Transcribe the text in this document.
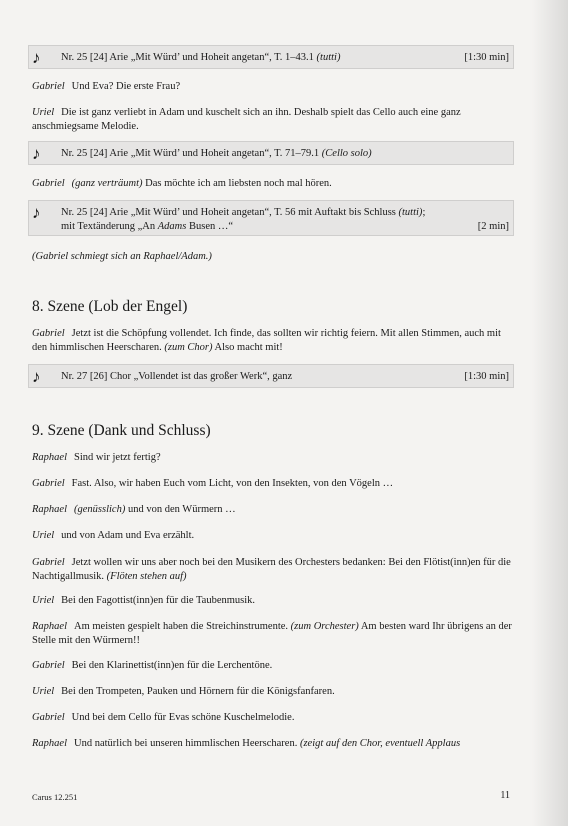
♪ Nr. 25 [24] Arie „Mit Würd’ und Hoheit angetan“, T. 1–43.1 (tutti)	[1:30 min]

Gabriel Und Eva? Die erste Frau?

Uriel Die ist ganz verliebt in Adam und kuschelt sich an ihn. Deshalb spielt das Cello auch eine ganz anschmiegsame Melodie.

♪ Nr. 25 [24] Arie „Mit Würd’ und Hoheit angetan“, T. 71–79.1 (Cello solo)

Gabriel (ganz verträumt) Das möchte ich am liebsten noch mal hören.

♪ Nr. 25 [24] Arie „Mit Würd’ und Hoheit angetan“, T. 56 mit Auftakt bis Schluss (tutti);
mit Textänderung „An Adams Busen …“	[2 min]

(Gabriel schmiegt sich an Raphael/Adam.)

8. Szene (Lob der Engel)

Gabriel Jetzt ist die Schöpfung vollendet. Ich finde, das sollten wir richtig feiern. Mit allen Stimmen, auch mit den himmlischen Heerscharen. (zum Chor) Also macht mit!

♪ Nr. 27 [26] Chor „Vollendet ist das großer Werk“, ganz	[1:30 min]
9. Szene (Dank und Schluss)

Raphael Sind wir jetzt fertig?

Gabriel Fast. Also, wir haben Euch vom Licht, von den Insekten, von den Vögeln …

Raphael (genüsslich) und von den Würmern …

Uriel und von Adam und Eva erzählt.

Gabriel Jetzt wollen wir uns aber noch bei den Musikern des Orchesters bedanken: Bei den Flötist(inn)en für die Nachtigallmusik. (Flöten stehen auf)

Uriel Bei den Fagottist(inn)en für die Taubenmusik.

Raphael Am meisten gespielt haben die Streichinstrumente. (zum Orchester) Am besten ward Ihr übrigens an der Stelle mit den Würmern!!

Gabriel Bei den Klarinettist(inn)en für die Lerchentöne.

Uriel Bei den Trompeten, Pauken und Hörnern für die Königsfanfaren.

Gabriel Und bei dem Cello für Evas schöne Kuschelmelodie.

Raphael Und natürlich bei unseren himmlischen Heerscharen. (zeigt auf den Chor, eventuell Applaus

Carus 12.251	11
